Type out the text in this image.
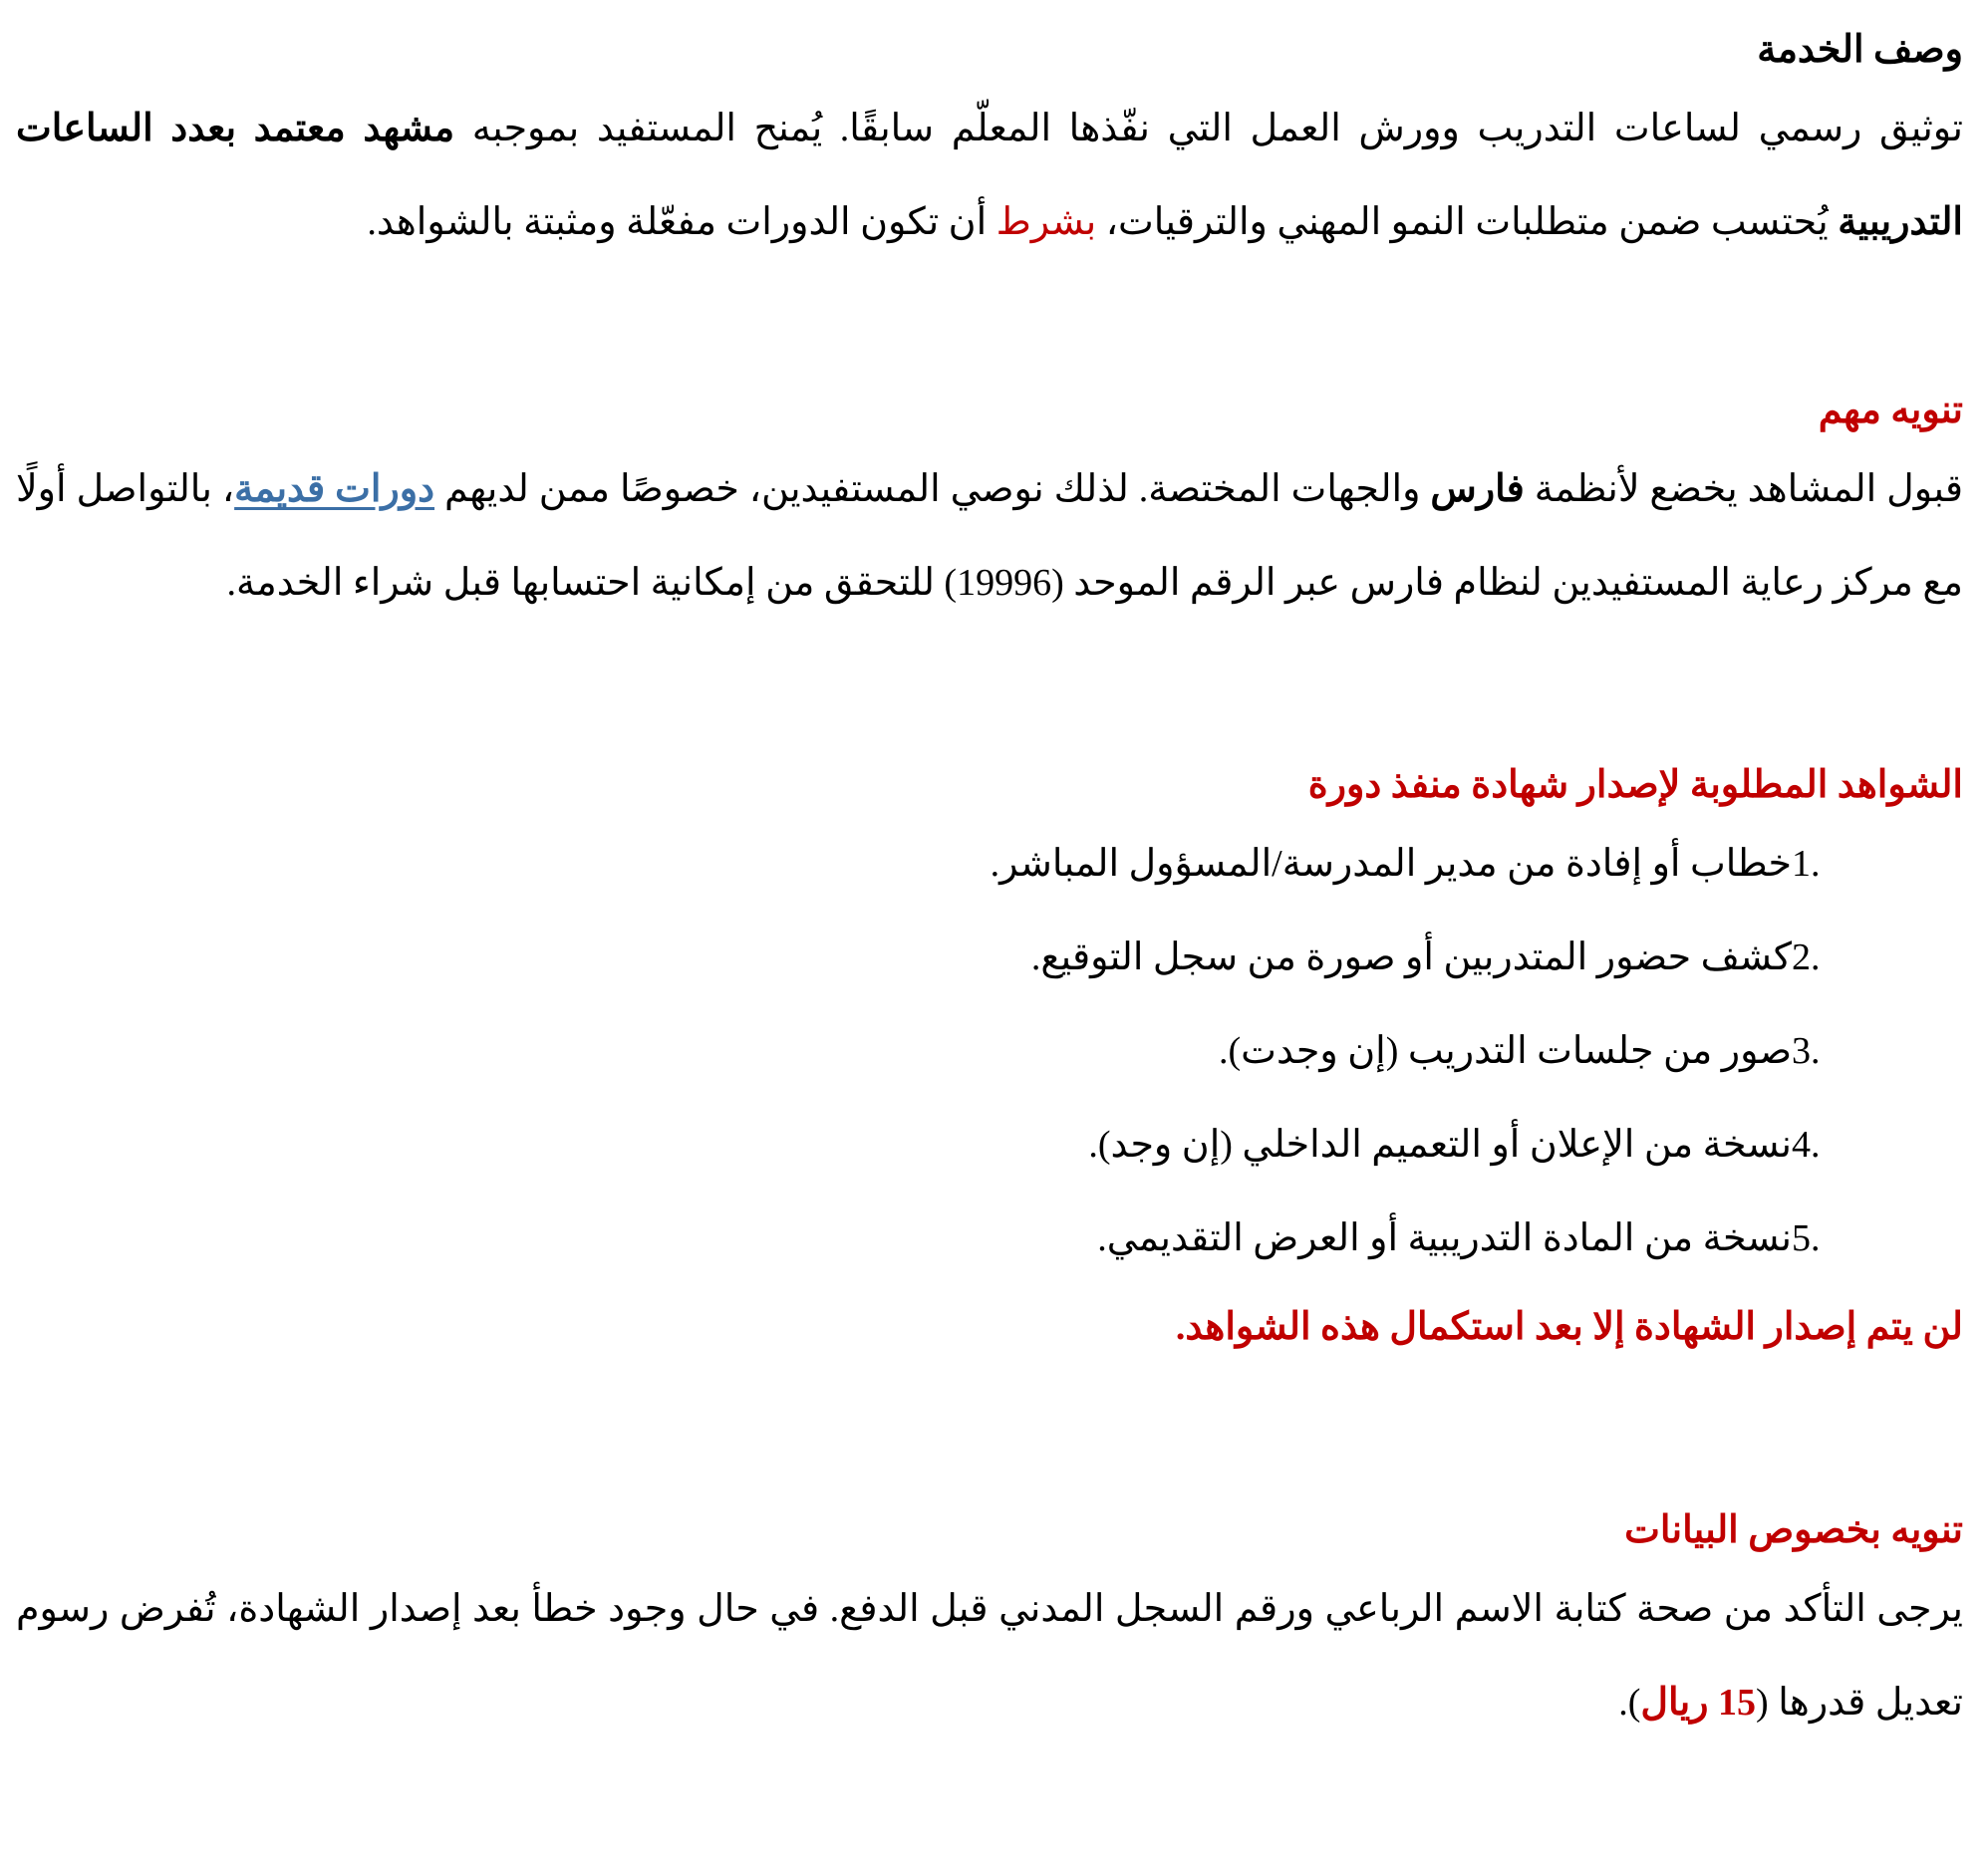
وصف الخدمة

توثيق رسمي لساعات التدريب وورش العمل التي نفّذها المعلّم سابقًا. يُمنح المستفيد بموجبه مشهد معتمد بعدد الساعات التدريبية يُحتسب ضمن متطلبات النمو المهني والترقيات، بشرط أن تكون الدورات مفعّلة ومثبتة بالشواهد.

تنويه مهم

قبول المشاهد يخضع لأنظمة فارس والجهات المختصة. لذلك نوصي المستفيدين، خصوصًا ممن لديهم دورات قديمة، بالتواصل أولًا مع مركز رعاية المستفيدين لنظام فارس عبر الرقم الموحد (19996) للتحقق من إمكانية احتسابها قبل شراء الخدمة.

الشواهد المطلوبة لإصدار شهادة منفذ دورة
1.
خطاب أو إفادة من مدير المدرسة/المسؤول المباشر.
2.
كشف حضور المتدربين أو صورة من سجل التوقيع.
3.
صور من جلسات التدريب (إن وجدت).
4.
نسخة من الإعلان أو التعميم الداخلي (إن وجد).
5.
نسخة من المادة التدريبية أو العرض التقديمي.

لن يتم إصدار الشهادة إلا بعد استكمال هذه الشواهد.

تنويه بخصوص البيانات

يرجى التأكد من صحة كتابة الاسم الرباعي ورقم السجل المدني قبل الدفع. في حال وجود خطأ بعد إصدار الشهادة، تُفرض رسوم تعديل قدرها (15 ريال).
